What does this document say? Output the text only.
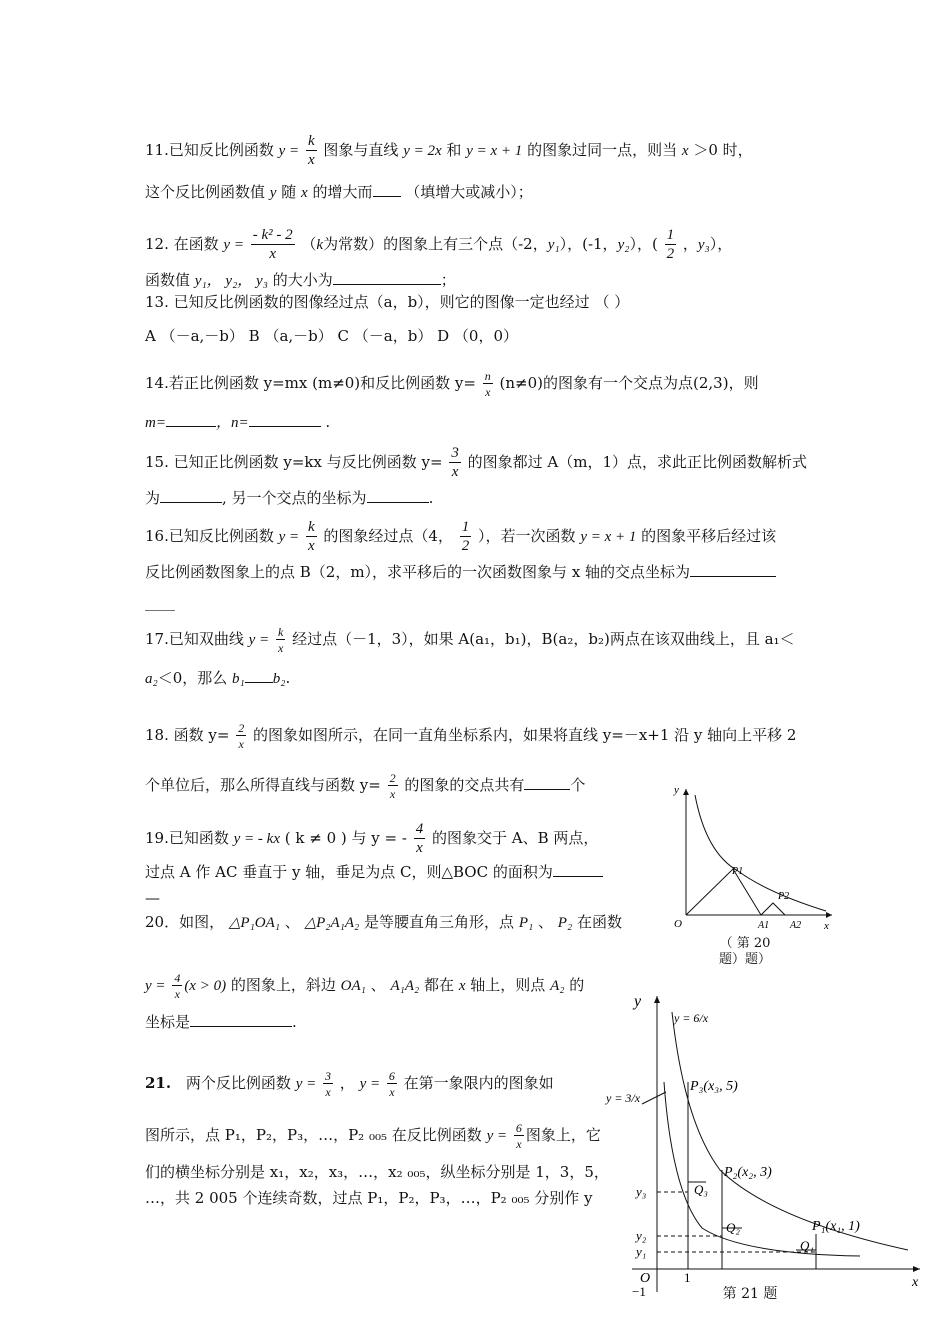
11.已知反比例函数 $y = \frac{k}{x}$ 图象与直线 y = 2x 和 y = x + 1 的图象过同一点，则当 x ＞0 时，
这个反比例函数值 y 随 x 的增大而 （填增大或减小）；
12. 在函数 $y = \frac{\text{- k² - 2}}{x} (k$为常数）的图象上有三个点（-2，y₁），(-1，y₂），( $\frac{1}{2}$ ，y₃），
函数值 y₁， y₂， y₃ 的大小为	；
13. 已知反比例函数的图像经过点（a，b），则它的图像一定也经过 （ ）
A （－a,－b） B （a,－b） C （－a，b） D （0，0）
14.若正比例函数 y=mx (m≠0)和反比例函数 $y= \frac{n}{x} (n\ne 0)$的图象有一个交点为点(2,3)，则
m=	，n=	.
15. 已知正比例函数 y=kx 与反比例函数 $y= \frac{3}{x}$ 的图象都过 A（m，1）点，求此正比例函数解析式
为	, 另一个交点的坐标为	.
16.已知反比例函数 $y = \frac{k}{x}$ 的图象经过点（4， $\frac{1}{2}$ ），若一次函数 y = x + 1 的图象平移后经过该
反比例函数图象上的点 B（2，m），求平移后的一次函数图象与 x 轴的交点坐标为
____
17.已知双曲线 $y = \frac{k}{x}$ 经过点（－1，3），如果 A(a₁，b₁)，B(a₂，b₂)两点在该双曲线上，且 a₁＜
a₂＜0，那么 b₁ b₂.
18. 函数 $y= \frac{2}{x}$ 的图象如图所示，在同一直角坐标系内，如果将直线 y=－x+1 沿 y 轴向上平移 2
个单位后，那么所得直线与函数 $y= \frac{2}{x}$ 的图象的交点共有	个
19.已知函数 y = - kx ( k ≠ 0 ) 与 y = - $\frac{4}{x}$ 的图象交于 A、B 两点，
过点 A 作 AC 垂直于 y 轴，垂足为点 C，则△BOC 的面积为
—
20．如图， △P₁OA₁ 、 △P₂A₁A₂ 是等腰直角三角形，点 P₁ 、 P₂ 在函数
$y = \frac{4}{x} (x > 0)$ 的图象上，斜边 OA₁ 、 A₁A₂ 都在 x 轴上，则点 A₂ 的
坐标是	.
21. 两个反比例函数 $y = \frac{3}{x}$ ， $y = \frac{6}{x}$ 在第一象限内的图象如
图所示，点 P₁，P₂，P₃，…，P₂ ₀₀₅ 在反比例函数 $y = \frac{6}{x}$ 图象上，它
们的横坐标分别是 x₁，x₂，x₃，…，x₂ ₀₀₅，纵坐标分别是 1，3，5，
…，共 2 005 个连续奇数，过点 P₁，P₂，P₃，…，P₂ ₀₀₅ 分别作 y
y
x
O
P1
P2
A1 A2
（ 第 20
题）题）
y
x
O	1
−1
y = 6/x
y = 3/x
P₃(x₃, 5)
P₂(x₂, 3)
P₁(x₁, 1)
Q₃
Q₂
Q₁
y₃
y₂
y₁
第 21 题
